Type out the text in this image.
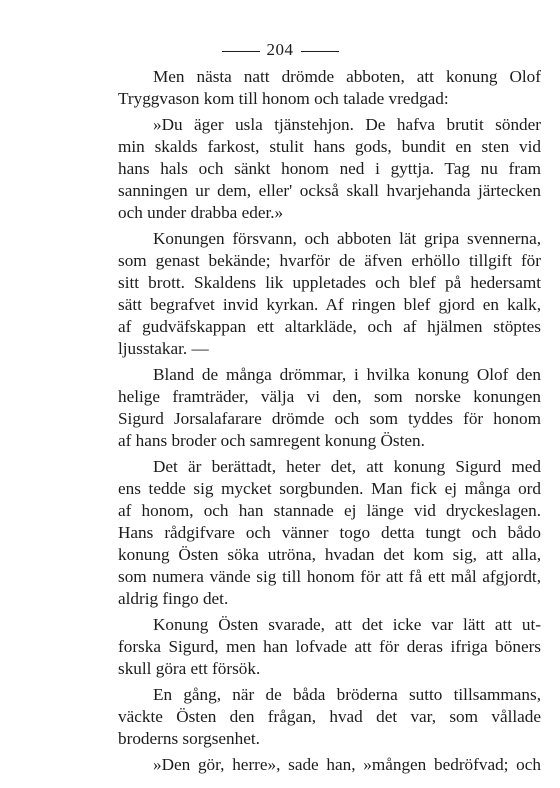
204
Men nästa natt drömde abboten, att konung Olof
Tryggvason kom till honom och talade vredgad:
»Du äger usla tjänstehjon. De hafva brutit sönder
min skalds farkost, stulit hans gods, bundit en sten vid
hans hals och sänkt honom ned i gyttja. Tag nu fram
sanningen ur dem, eller' också skall hvarjehanda järtecken
och under drabba eder.»
Konungen försvann, och abboten lät gripa svennerna,
som genast bekände; hvarför de äfven erhöllo tillgift för
sitt brott. Skaldens lik uppletades och blef på hedersamt
sätt begrafvet invid kyrkan. Af ringen blef gjord en kalk,
af gudväfskappan ett altarkläde, och af hjälmen stöptes
ljusstakar. —
Bland de många drömmar, i hvilka konung Olof den
helige framträder, välja vi den, som norske konungen
Sigurd Jorsalafarare drömde och som tyddes för honom
af hans broder och samregent konung Östen.
Det är berättadt, heter det, att konung Sigurd med
ens tedde sig mycket sorgbunden. Man fick ej många ord
af honom, och han stannade ej länge vid dryckeslagen.
Hans rådgifvare och vänner togo detta tungt och bådo
konung Östen söka utröna, hvadan det kom sig, att alla,
som numera vände sig till honom för att få ett mål afgjordt,
aldrig fingo det.
Konung Östen svarade, att det icke var lätt att ut-
forska Sigurd, men han lofvade att för deras ifriga böners
skull göra ett försök.
En gång, när de båda bröderna sutto tillsammans,
väckte Östen den frågan, hvad det var, som vållade
broderns sorgsenhet.
»Den gör, herre», sade han, »mången bedröfvad; och
